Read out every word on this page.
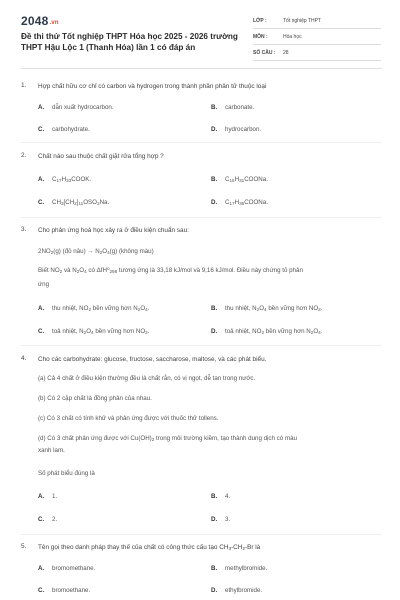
2048.vn
Đề thi thử Tốt nghiệp THPT Hóa học 2025 - 2026 trường
THPT Hậu Lộc 1 (Thanh Hóa) lần 1 có đáp án
LỚP :	Tốt nghiệp THPT
MÔN :	Hóa học
SỐ CÂU : 28
1. Hợp chất hữu cơ chỉ có carbon và hydrogen trong thành phần phân tử thuộc loại
A. dẫn xuất hydrocarbon.	B. carbonate.
C. carbohydrate.	D. hydrocarbon.
2. Chất nào sau thuộc chất giặt rửa tổng hợp ?
A. $C_{17}H_{33}COOK$.	B. $C_{15}H_{31}COONa$.
C. $CH_3[CH_2]_{11}OSO_3Na$.	D. $C_{17}H_{35}COONa$.
3. Cho phản ứng hoá học xảy ra ở điều kiện chuẩn sau:
$2NO_2(g)$ (đỏ nâu) → $N_2O_4(g)$ (không màu)
Biết $NO_2$ và $N_2O_4$ có ΔfH$^o_{298}$ tương ứng là 33,18 kJ/mol và 9,16 kJ/mol. Điều này chứng tỏ phản
ứng
A. thu nhiệt, $NO_2$ bền vững hơn $N_2O_4$.	B. thu nhiệt, $N_2O_4$ bền vững hơn $NO_2$.
C. toả nhiệt, $N_2O_4$ bền vững hơn $NO_2$.	D. toả nhiệt, $NO_2$ bền vững hơn $N_2O_4$.
4. Cho các carbohydrate: glucose, fructose, saccharose, maltose, và các phát biểu.
(a) Cả 4 chất ở điều kiện thường đều là chất rắn, có vị ngọt, dễ tan trong nước.
(b) Có 2 cặp chất là đồng phân của nhau.
(c) Có 3 chất có tính khử và phản ứng được với thuốc thử tollens.
(d) Có 3 chất phản ứng được với $Cu(OH)_2$ trong môi trường kiềm, tạo thành dung dịch có màu
xanh lam.
Số phát biểu đúng là
A. 1.	B. 4.
C. 2.	D. 3.
5. Tên gọi theo danh pháp thay thế của chất có công thức cấu tạo $CH_3-CH_2-Br$ là
A. bromomethane.	B. methylbromide.
C. bromoethane.	D. ethylbromide.
